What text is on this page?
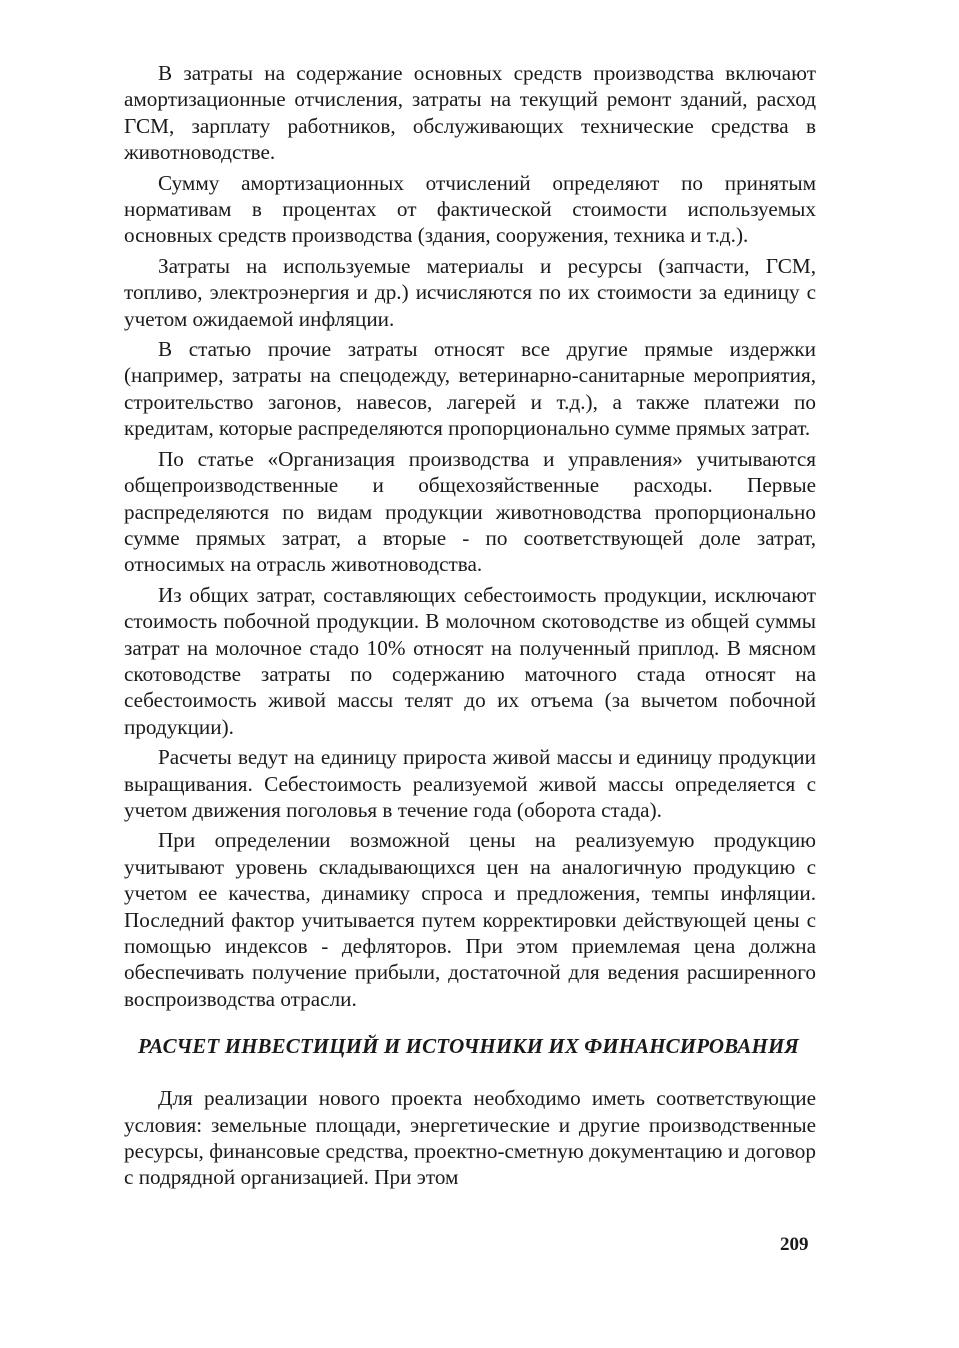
В затраты на содержание основных средств производства включают амортизационные отчисления, затраты на текущий ремонт зданий, расход ГСМ, зарплату работников, обслуживающих технические средства в животноводстве.

Сумму амортизационных отчислений определяют по принятым нормативам в процентах от фактической стоимости используемых основных средств производства (здания, сооружения, техника и т.д.).

Затраты на используемые материалы и ресурсы (запчасти, ГСМ, топливо, электроэнергия и др.) исчисляются по их стоимости за единицу с учетом ожидаемой инфляции.

В статью прочие затраты относят все другие прямые издержки (например, затраты на спецодежду, ветеринарно-санитарные мероприятия, строительство загонов, навесов, лагерей и т.д.), а также платежи по кредитам, которые распределяются пропорционально сумме прямых затрат.

По статье «Организация производства и управления» учитываются общепроизводственные и общехозяйственные расходы. Первые распределяются по видам продукции животноводства пропорционально сумме прямых затрат, а вторые - по соответствующей доле затрат, относимых на отрасль животноводства.

Из общих затрат, составляющих себестоимость продукции, исключают стоимость побочной продукции. В молочном скотоводстве из общей суммы затрат на молочное стадо 10% относят на полученный приплод. В мясном скотоводстве затраты по содержанию маточного стада относят на себестоимость живой массы телят до их отъема (за вычетом побочной продукции).

Расчеты ведут на единицу прироста живой массы и единицу продукции выращивания. Себестоимость реализуемой живой массы определяется с учетом движения поголовья в течение года (оборота стада).

При определении возможной цены на реализуемую продукцию учитывают уровень складывающихся цен на аналогичную продукцию с учетом ее качества, динамику спроса и предложения, темпы инфляции. Последний фактор учитывается путем корректировки действующей цены с помощью индексов - дефляторов. При этом приемлемая цена должна обеспечивать получение прибыли, достаточной для ведения расширенного воспроизводства отрасли.

РАСЧЕТ ИНВЕСТИЦИЙ И ИСТОЧНИКИ ИХ ФИНАНСИРОВАНИЯ

Для реализации нового проекта необходимо иметь соответствующие условия: земельные площади, энергетические и другие производственные ресурсы, финансовые средства, проектно-сметную документацию и договор с подрядной организацией. При этом

209
